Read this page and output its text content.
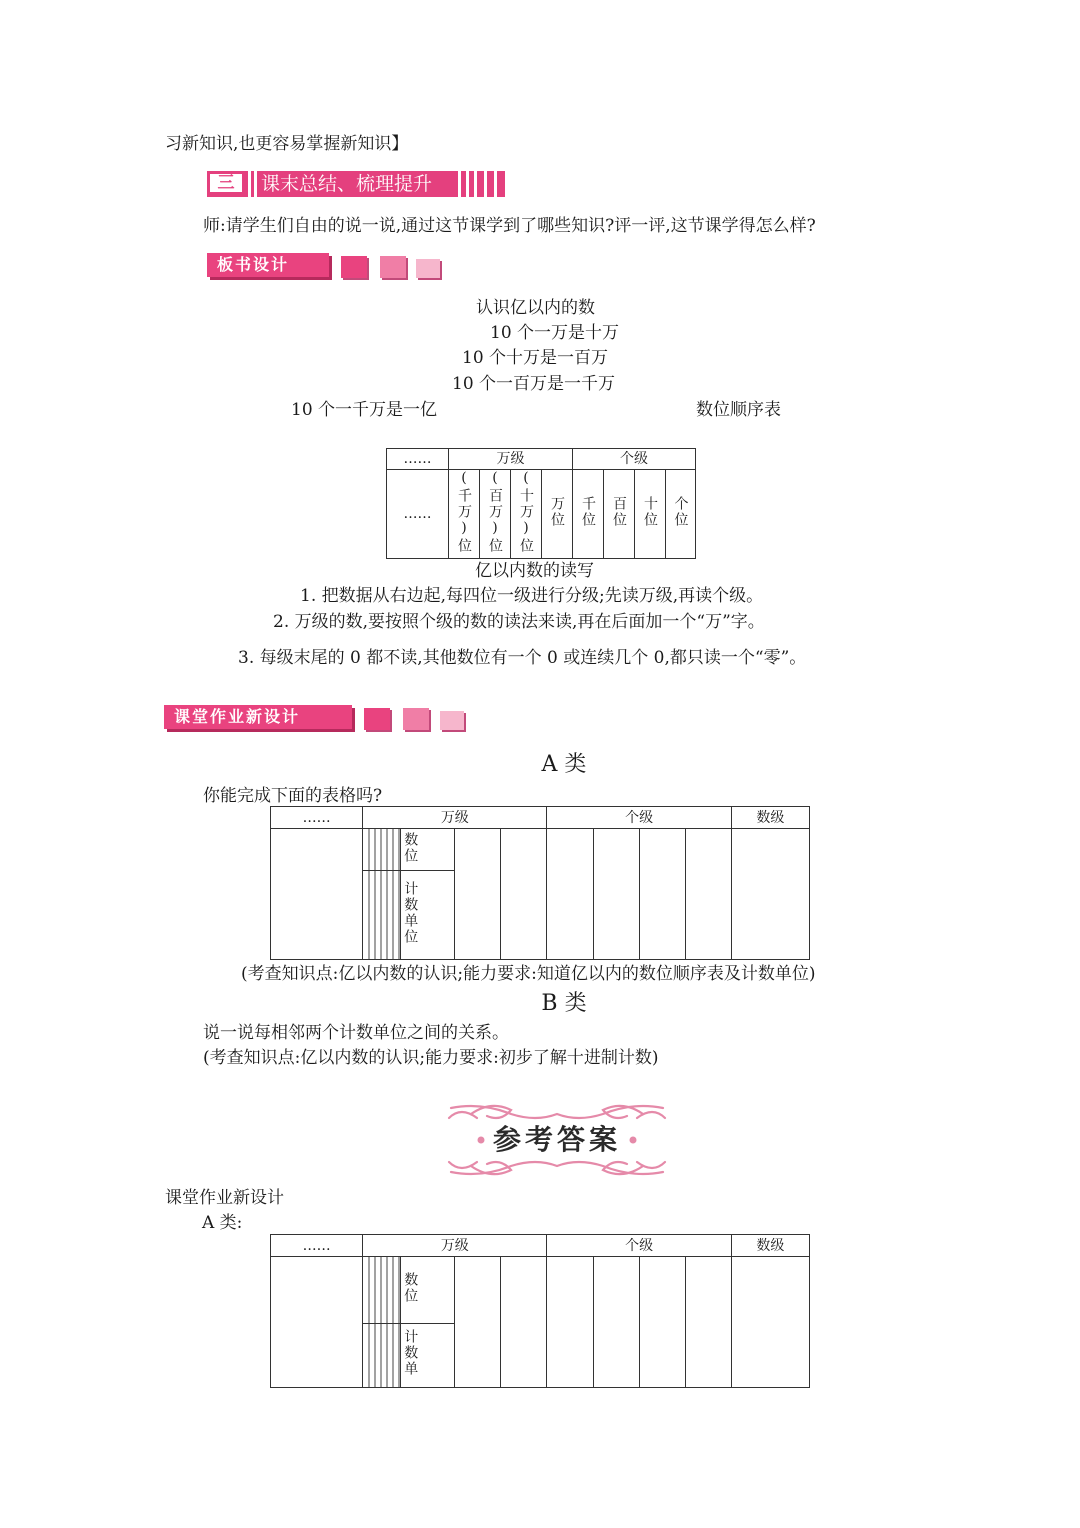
习新知识,也更容易掌握新知识】
三	课末总结、梳理提升
师:请学生们自由的说一说,通过这节课学到了哪些知识?评一评,这节课学得怎么样?
板书设计
认识亿以内的数
10 个一万是十万
10 个十万是一百万
10 个一百万是一千万
10 个一千万是一亿	数位顺序表
……	万级				个级			
……	(千万)位	(百万)位	(十万)位	万位	千位	百位	十位	个位
亿以内数的读写
1. 把数据从右边起,每四位一级进行分级;先读万级,再读个级。
2. 万级的数,要按照个级的数的读法来读,再在后面加一个“万”字。
3. 每级末尾的 0 都不读,其他数位有一个 0 或连续几个 0,都只读一个“零”。
课堂作业新设计
A 类
你能完成下面的表格吗?
……	万级				个级				数级
		数位							
		计数单位							
(考查知识点:亿以内数的认识;能力要求:知道亿以内的数位顺序表及计数单位)
B 类
说一说每相邻两个计数单位之间的关系。
(考查知识点:亿以内数的认识;能力要求:初步了解十进制计数)
参考答案
课堂作业新设计
A 类:
……	万级				个级				数级
		数位							
		计数单							
